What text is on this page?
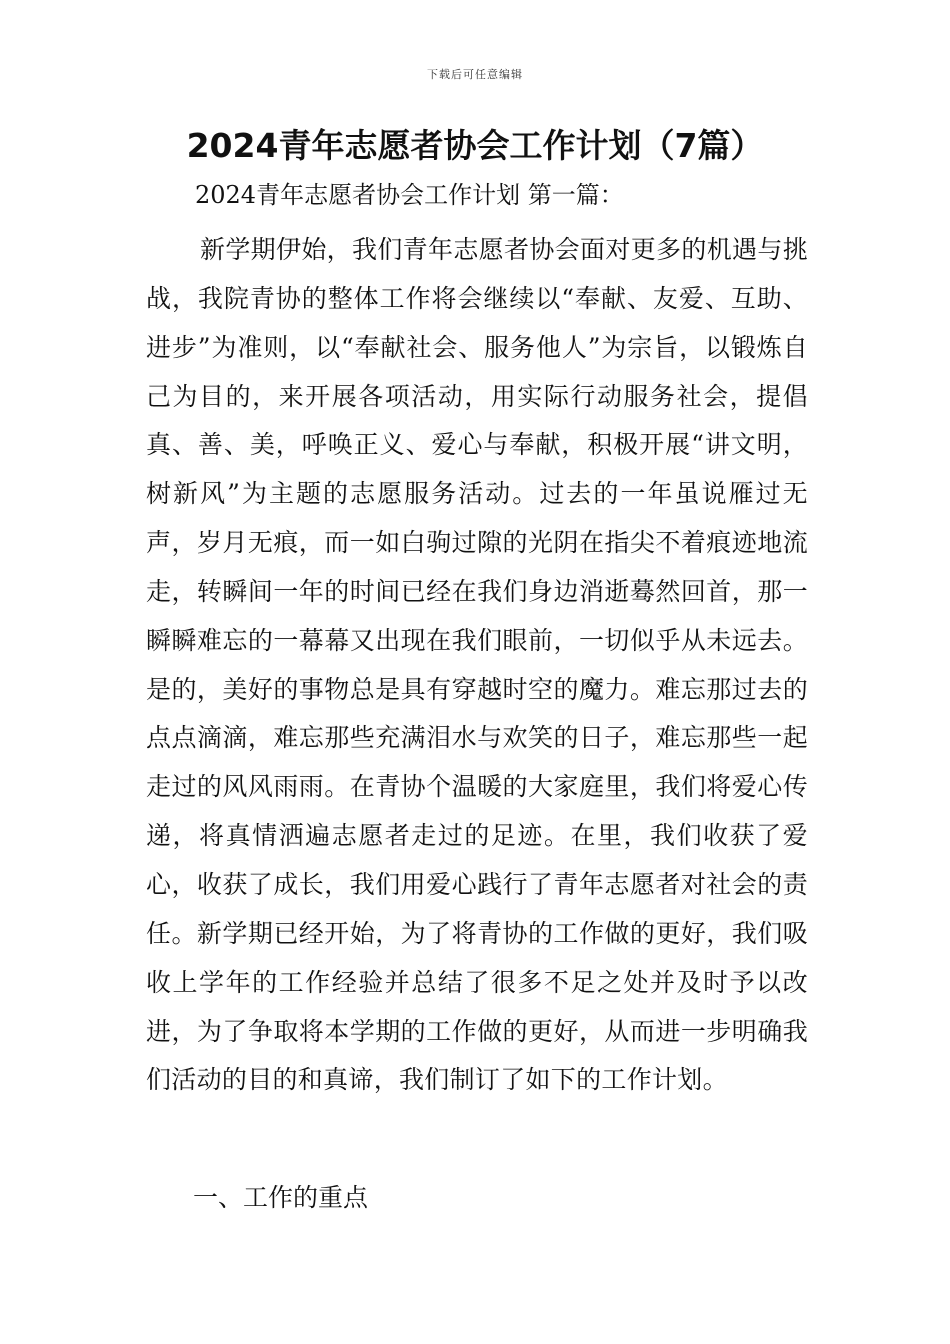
下载后可任意编辑
2024青年志愿者协会工作计划（7篇）

2024青年志愿者协会工作计划 第一篇：

新学期伊始，我们青年志愿者协会面对更多的机遇与挑战，我院青协的整体工作将会继续以“奉献、友爱、互助、进步”为准则，以“奉献社会、服务他人”为宗旨，以锻炼自己为目的，来开展各项活动，用实际行动服务社会，提倡真、善、美，呼唤正义、爱心与奉献，积极开展“讲文明，树新风”为主题的志愿服务活动。过去的一年虽说雁过无声，岁月无痕，而一如白驹过隙的光阴在指尖不着痕迹地流走，转瞬间一年的时间已经在我们身边消逝蓦然回首，那一瞬瞬难忘的一幕幕又出现在我们眼前，一切似乎从未远去。是的，美好的事物总是具有穿越时空的魔力。难忘那过去的点点滴滴，难忘那些充满泪水与欢笑的日子，难忘那些一起走过的风风雨雨。在青协个温暖的大家庭里，我们将爱心传递，将真情洒遍志愿者走过的足迹。在里，我们收获了爱心，收获了成长，我们用爱心践行了青年志愿者对社会的责任。新学期已经开始，为了将青协的工作做的更好，我们吸收上学年的工作经验并总结了很多不足之处并及时予以改进，为了争取将本学期的工作做的更好，从而进一步明确我们活动的目的和真谛，我们制订了如下的工作计划。

一、工作的重点
